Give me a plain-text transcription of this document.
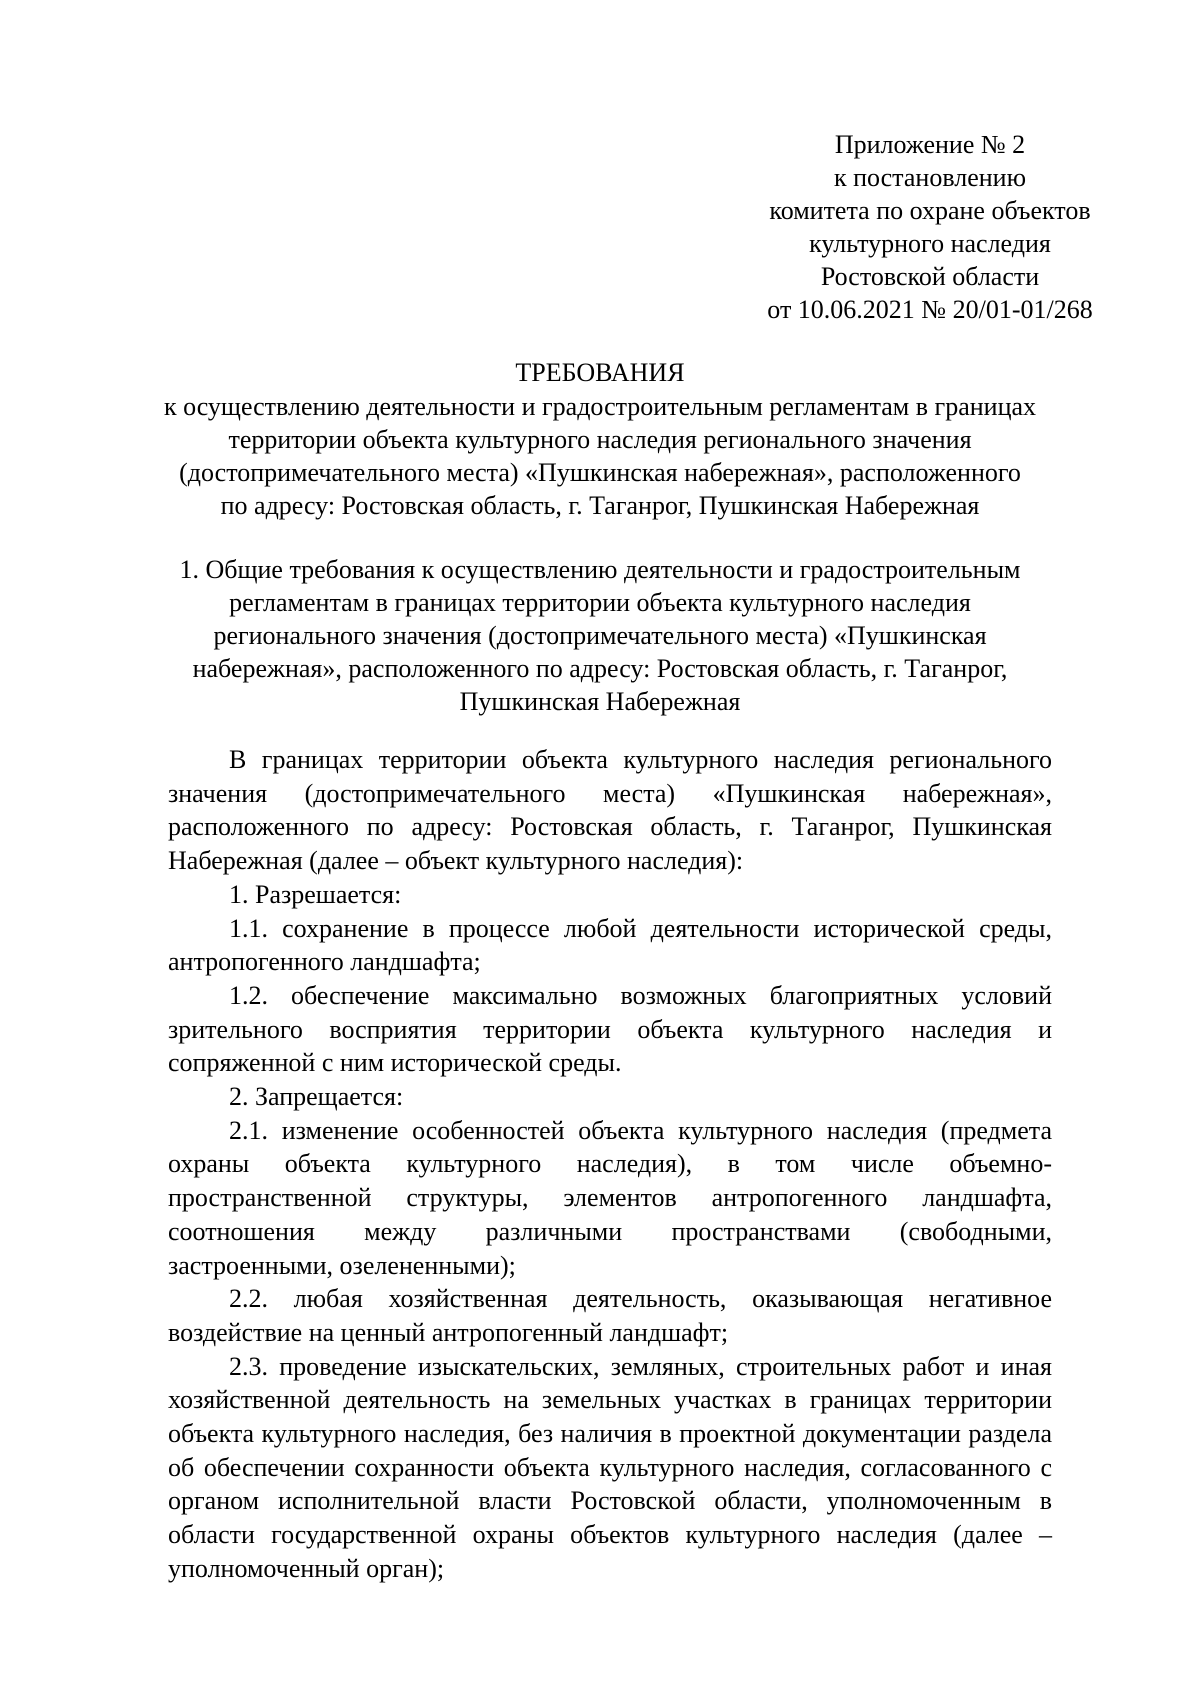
Приложение № 2
к постановлению
комитета по охране объектов
культурного наследия
Ростовской области
от 10.06.2021 № 20/01-01/268
ТРЕБОВАНИЯ
к осуществлению деятельности и градостроительным регламентам в границах
территории объекта культурного наследия регионального значения
(достопримечательного места) «Пушкинская набережная», расположенного
по адресу: Ростовская область, г. Таганрог, Пушкинская Набережная
1. Общие требования к осуществлению деятельности и градостроительным
регламентам в границах территории объекта культурного наследия
регионального значения (достопримечательного места) «Пушкинская
набережная», расположенного по адресу: Ростовская область, г. Таганрог,
Пушкинская Набережная

В границах территории объекта культурного наследия регионального значения (достопримечательного места) «Пушкинская набережная», расположенного по адресу: Ростовская область, г. Таганрог, Пушкинская Набережная (далее – объект культурного наследия):

1. Разрешается:

1.1. сохранение в процессе любой деятельности исторической среды, антропогенного ландшафта;

1.2. обеспечение максимально возможных благоприятных условий зрительного восприятия территории объекта культурного наследия и сопряженной с ним исторической среды.

2. Запрещается:

2.1. изменение особенностей объекта культурного наследия (предмета охраны объекта культурного наследия), в том числе объемно-пространственной структуры, элементов антропогенного ландшафта, соотношения между различными пространствами (свободными, застроенными, озелененными);

2.2. любая хозяйственная деятельность, оказывающая негативное воздействие на ценный антропогенный ландшафт;

2.3. проведение изыскательских, земляных, строительных работ и иная хозяйственной деятельность на земельных участках в границах территории объекта культурного наследия, без наличия в проектной документации раздела об обеспечении сохранности объекта культурного наследия, согласованного с органом исполнительной власти Ростовской области, уполномоченным в области государственной охраны объектов культурного наследия (далее – уполномоченный орган);
